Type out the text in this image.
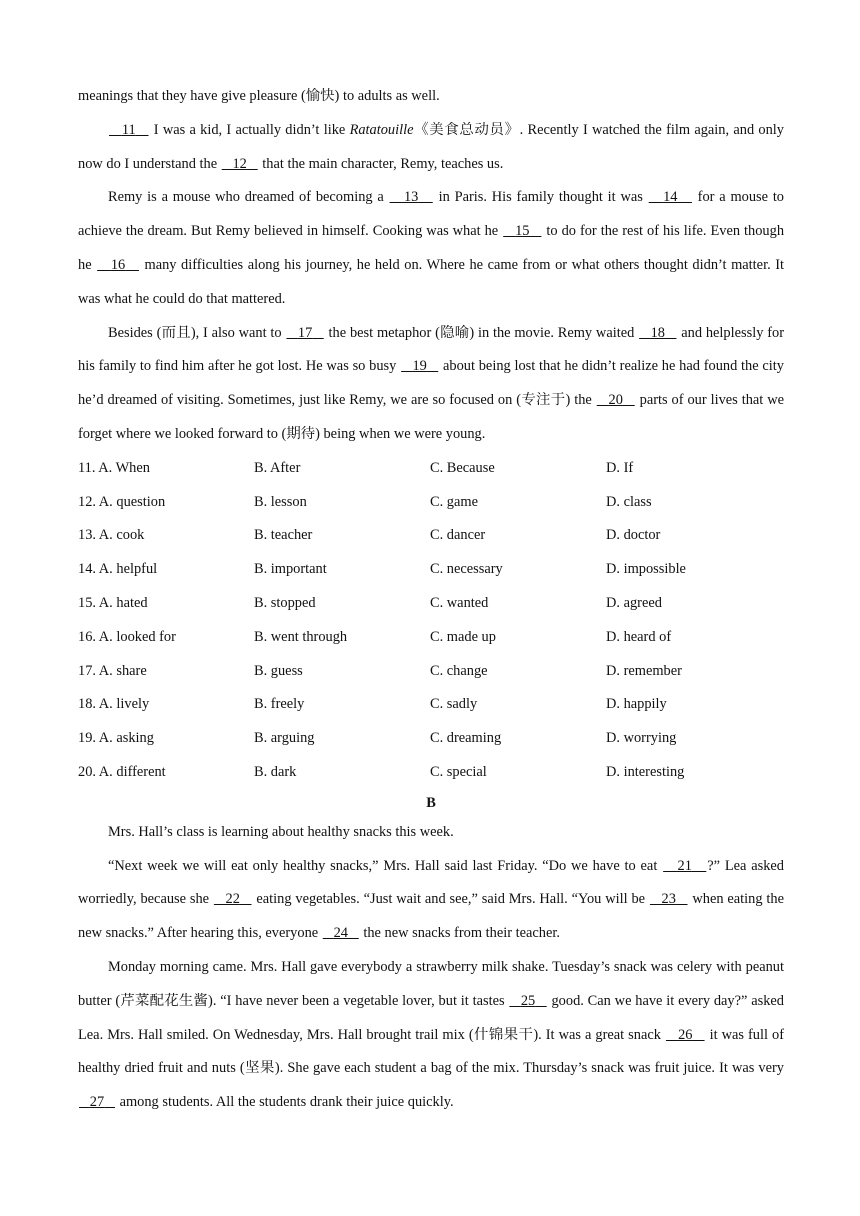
meanings that they have give pleasure (愉快) to adults as well.

11 I was a kid, I actually didn’t like Ratatouille《美食总动员》. Recently I watched the film again, and only now do I understand the 12 that the main character, Remy, teaches us.

Remy is a mouse who dreamed of becoming a 13 in Paris. His family thought it was 14 for a mouse to achieve the dream. But Remy believed in himself. Cooking was what he 15 to do for the rest of his life. Even though he 16 many difficulties along his journey, he held on. Where he came from or what others thought didn’t matter. It was what he could do that mattered.

Besides (而且), I also want to 17 the best metaphor (隐喻) in the movie. Remy waited 18 and helplessly for his family to find him after he got lost. He was so busy 19 about being lost that he didn’t realize he had found the city he’d dreamed of visiting. Sometimes, just like Remy, we are so focused on (专注于) the 20 parts of our lives that we forget where we looked forward to (期待) being when we were young.

11. A. When	B. After	C. Because	D. If
12. A. question	B. lesson	C. game	D. class
13. A. cook	B. teacher	C. dancer	D. doctor
14. A. helpful	B. important	C. necessary	D. impossible
15. A. hated	B. stopped	C. wanted	D. agreed
16. A. looked for	B. went through	C. made up	D. heard of
17. A. share	B. guess	C. change	D. remember
18. A. lively	B. freely	C. sadly	D. happily
19. A. asking	B. arguing	C. dreaming	D. worrying
20. A. different	B. dark	C. special	D. interesting

B

Mrs. Hall’s class is learning about healthy snacks this week.

“Next week we will eat only healthy snacks,” Mrs. Hall said last Friday. “Do we have to eat 21 ?” Lea asked worriedly, because she 22 eating vegetables. “Just wait and see,” said Mrs. Hall. “You will be 23 when eating the new snacks.” After hearing this, everyone 24 the new snacks from their teacher.

Monday morning came. Mrs. Hall gave everybody a strawberry milk shake. Tuesday’s snack was celery with peanut butter (芹菜配花生酱). “I have never been a vegetable lover, but it tastes 25 good. Can we have it every day?” asked Lea. Mrs. Hall smiled. On Wednesday, Mrs. Hall brought trail mix (什锦果干). It was a great snack 26 it was full of healthy dried fruit and nuts (坚果). She gave each student a bag of the mix. Thursday’s snack was fruit juice. It was very 27 among students. All the students drank their juice quickly.
